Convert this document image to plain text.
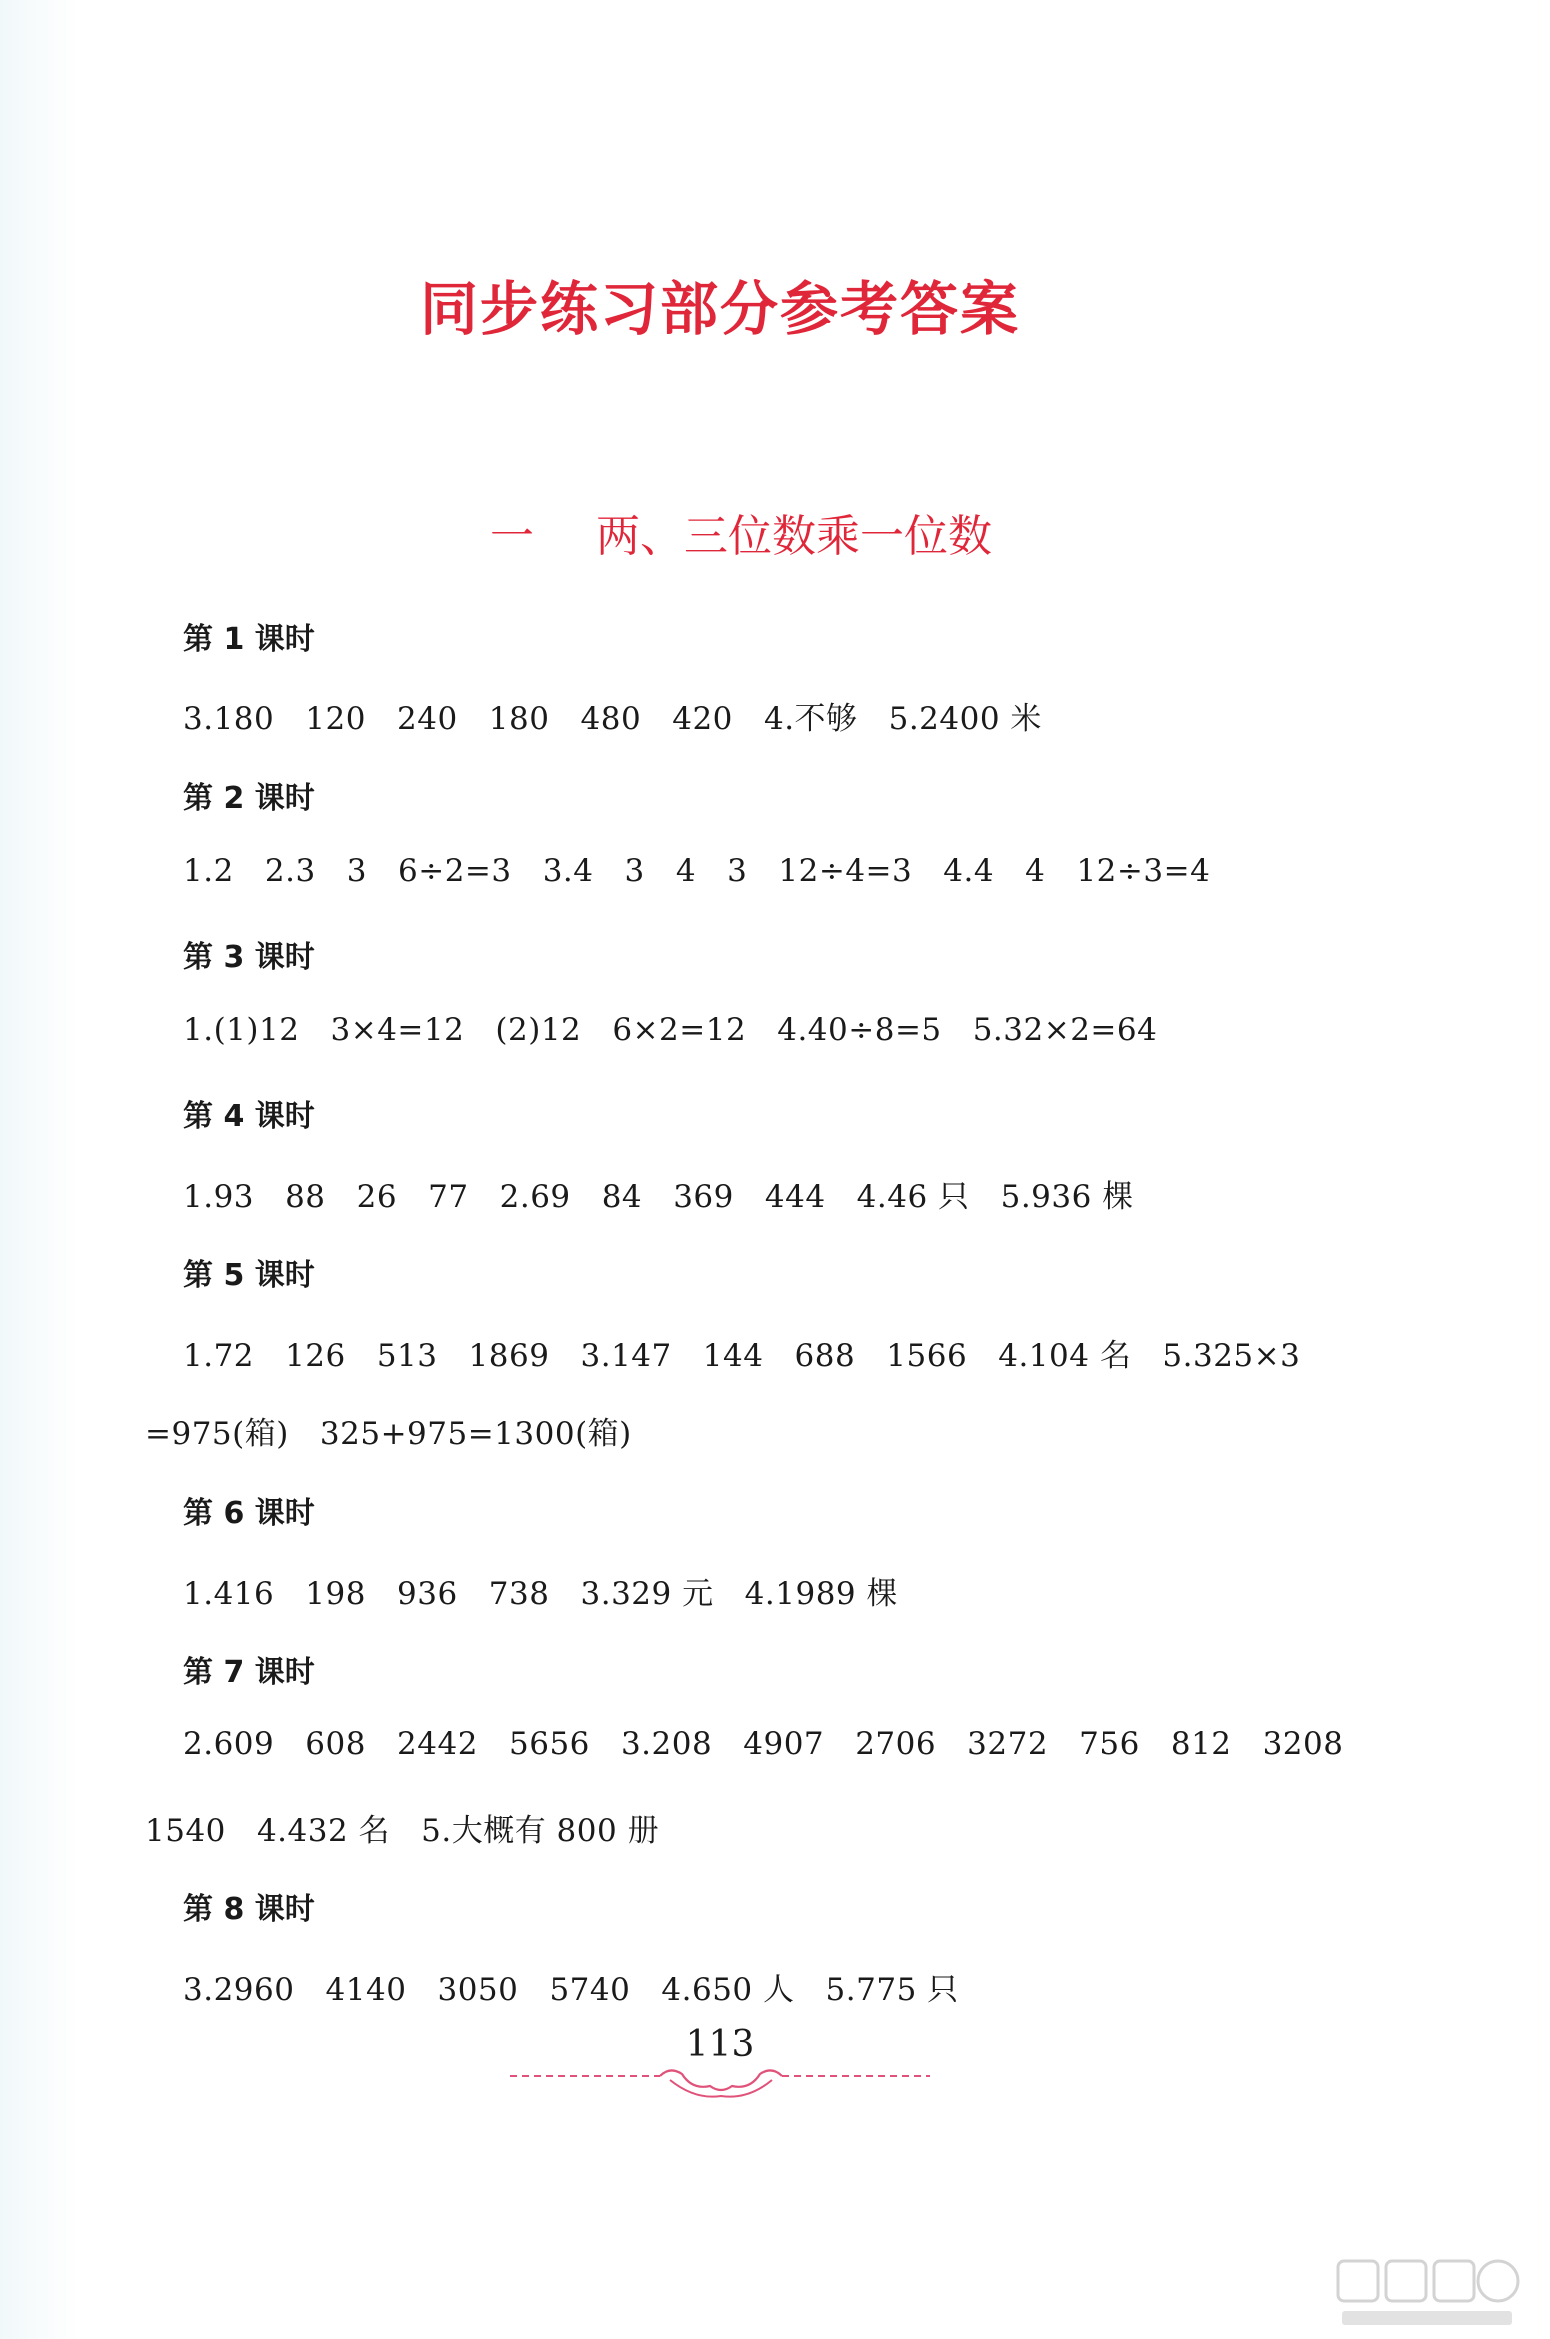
同步练习部分参考答案
一 两、三位数乘一位数
第 1 课时
3.180   120   240   180   480   420   4.不够   5.2400 米
第 2 课时
1.2   2.3   3   6÷2=3   3.4   3   4   3   12÷4=3   4.4   4   12÷3=4
第 3 课时
1.(1)12   3×4=12   (2)12   6×2=12   4.40÷8=5   5.32×2=64
第 4 课时
1.93   88   26   77   2.69   84   369   444   4.46 只   5.936 棵
第 5 课时
1.72   126   513   1869   3.147   144   688   1566   4.104 名   5.325×3
=975(箱)   325+975=1300(箱)
第 6 课时
1.416   198   936   738   3.329 元   4.1989 棵
第 7 课时
2.609   608   2442   5656   3.208   4907   2706   3272   756   812   3208
1540   4.432 名   5.大概有 800 册
第 8 课时
3.2960   4140   3050   5740   4.650 人   5.775 只
113
